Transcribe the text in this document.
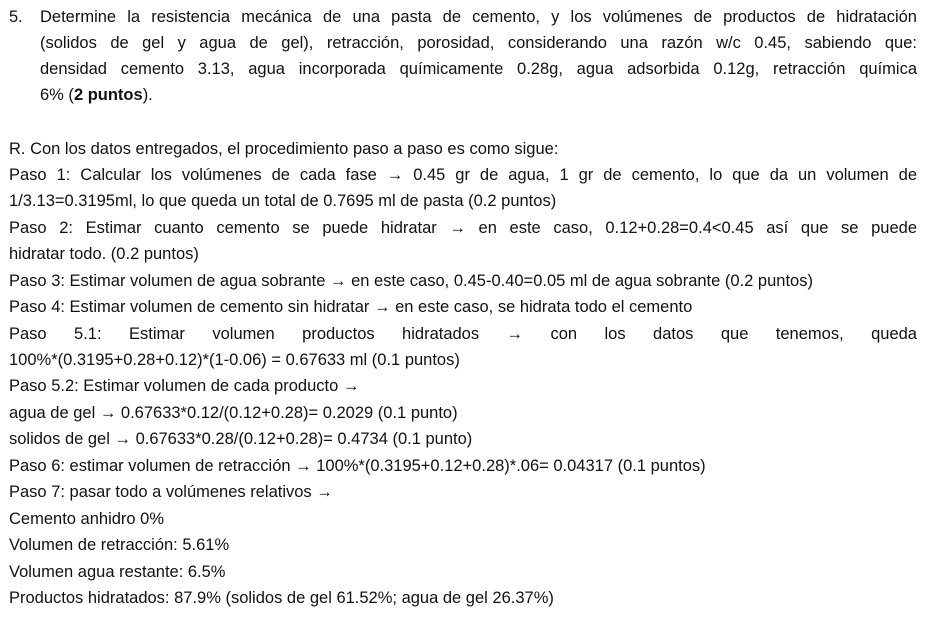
5. Determine la resistencia mecánica de una pasta de cemento, y los volúmenes de productos de hidratación
(solidos de gel y agua de gel), retracción, porosidad, considerando una razón w/c 0.45, sabiendo que:
densidad cemento 3.13, agua incorporada químicamente 0.28g, agua adsorbida 0.12g, retracción química
6% (2 puntos).
R. Con los datos entregados, el procedimiento paso a paso es como sigue:
Paso 1: Calcular los volúmenes de cada fase → 0.45 gr de agua, 1 gr de cemento, lo que da un volumen de
1/3.13=0.3195ml, lo que queda un total de 0.7695 ml de pasta (0.2 puntos)
Paso 2: Estimar cuanto cemento se puede hidratar → en este caso, 0.12+0.28=0.4<0.45 así que se puede
hidratar todo. (0.2 puntos)
Paso 3: Estimar volumen de agua sobrante → en este caso, 0.45-0.40=0.05 ml de agua sobrante (0.2 puntos)
Paso 4: Estimar volumen de cemento sin hidratar → en este caso, se hidrata todo el cemento
Paso 5.1: Estimar volumen productos hidratados → con los datos que tenemos, queda
100%*(0.3195+0.28+0.12)*(1-0.06) = 0.67633 ml (0.1 puntos)
Paso 5.2: Estimar volumen de cada producto →
agua de gel → 0.67633*0.12/(0.12+0.28)= 0.2029 (0.1 punto)
solidos de gel → 0.67633*0.28/(0.12+0.28)= 0.4734 (0.1 punto)
Paso 6: estimar volumen de retracción → 100%*(0.3195+0.12+0.28)*.06= 0.04317 (0.1 puntos)
Paso 7: pasar todo a volúmenes relativos →
Cemento anhidro 0%
Volumen de retracción: 5.61%
Volumen agua restante: 6.5%
Productos hidratados: 87.9% (solidos de gel 61.52%; agua de gel 26.37%)
